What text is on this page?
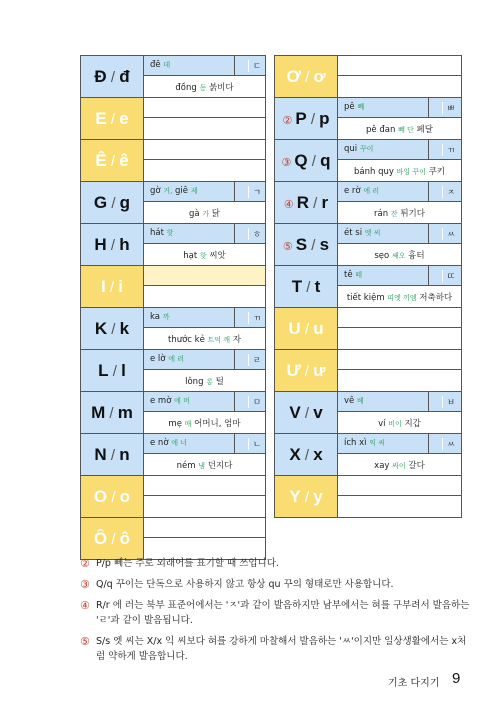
Đ / đ	đê 데 ㄷ

	đồng 동 붉비다
E / e	

Ê / ê	

G / g	gờ 거, giê 제 ㄱ

	gà 가 닭
H / h	hát 핫 ㅎ

	hạt 핫 씨앗
I / i	

K / k	ka 까 ㄲ

	thước kẻ 트억 깨 자
L / l	e lờ 에 러 ㄹ

	lông 롱 털
M / m	e mờ 에 머 ㅁ

	mẹ 매 어머니, 엄마
N / n	e nờ 에 너 ㄴ

	ném 냄 던지다
O / o	

Ô / ô	

Ơ / ơ	

② P / p	pê 뻬 ㅃ

	pê đan 뻬 단 페달
③ Q / q	qui 꾸이 ㄲ

	bánh quy 바잉 꾸이 쿠키
④ R / r	e rờ 에 러 ㅈ

	rán 잔 튀기다
⑤ S / s	ét si 엣 씨 ㅆ

	sẹo 쌔오 흉터
T / t	tê 떼 ㄸ

	tiết kiệm 띠엣 끼엠 저축하다
U / u	

Ư / ư	

V / v	vê 베 ㅂ

	ví 비이 지갑
X / x	ích xì 익 씨 ㅆ

	xay 싸이 갈다
Y / y	

② P/p 뻬는 주로 외래어를 표기할 때 쓰입니다.
③ Q/q 꾸이는 단독으로 사용하지 않고 항상 qu 꾸의 형태로만 사용합니다.
④ R/r 에 러는 북부 표준어에서는 'ㅈ'과 같이 발음하지만 남부에서는 혀를 구부려서 발음하는 'ㄹ'과 같이 발음됩니다.
⑤ S/s 엣 씨는 X/x 익 씨보다 혀를 강하게 마찰해서 발음하는 'ㅆ'이지만 일상생활에서는 x처럼 약하게 발음합니다.
기초 다지기 9
